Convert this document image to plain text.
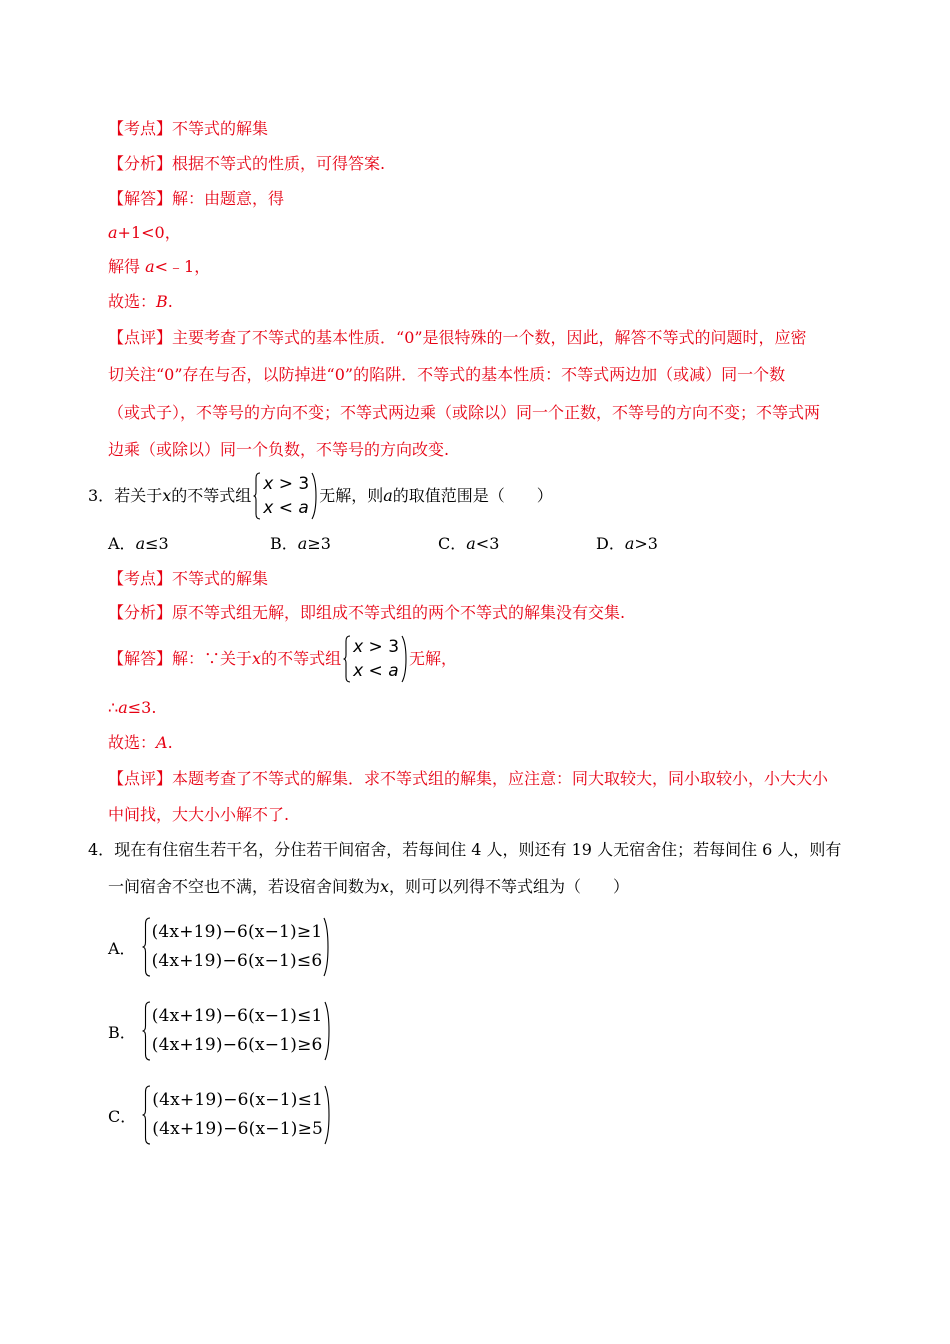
【考点】不等式的解集
【分析】根据不等式的性质，可得答案.
【解答】解：由题意，得
a+1<0，
解得 a<﹣1，
故选：B.
【点评】主要考查了不等式的基本性质．“0”是很特殊的一个数，因此，解答不等式的问题时，应密
切关注“0”存在与否，以防掉进“0”的陷阱．不等式的基本性质：不等式两边加（或减）同一个数
（或式子），不等号的方向不变；不等式两边乘（或除以）同一个正数，不等号的方向不变；不等式两
边乘（或除以）同一个负数，不等号的方向改变.
3． 若关于 x 的不等式组
x > 3
x < a
无解，则 a 的取值范围是（　　）
A．a≤3	B．a≥3	C．a<3	D．a>3
【考点】不等式的解集
【分析】原不等式组无解，即组成不等式组的两个不等式的解集没有交集.
【解答】 解：∵关于 x 的不等式组
x > 3
x < a
无解，
∴a≤3.
故选：A.
【点评】本题考查了不等式的解集．求不等式组的解集，应注意：同大取较大，同小取较小，小大大小
中间找，大大小小解不了.
4．现在有住宿生若干名，分住若干间宿舍，若每间住 4 人，则还有 19 人无宿舍住；若每间住 6 人，则有
一间宿舍不空也不满，若设宿舍间数为x，则可以列得不等式组为（　　）
A．
(4x+19)−6(x−1)≥1
(4x+19)−6(x−1)≤6
B．
(4x+19)−6(x−1)≤1
(4x+19)−6(x−1)≥6
C．
(4x+19)−6(x−1)≤1
(4x+19)−6(x−1)≥5
